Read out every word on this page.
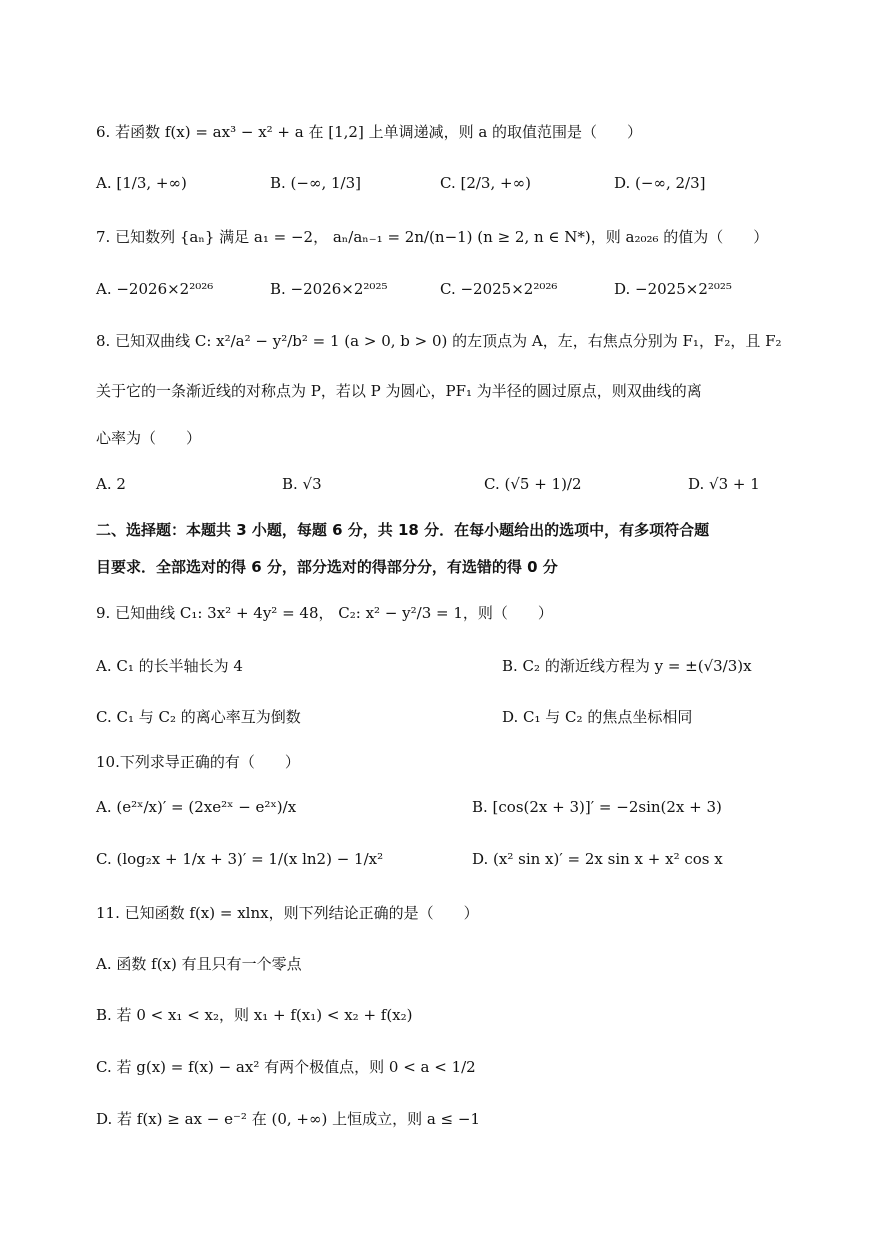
6. 若函数 f(x) = ax³ − x² + a 在 [1,2] 上单调递减，则 a 的取值范围是（　　）
A. [1/3, +∞)	B. (−∞, 1/3]	C. [2/3, +∞)	D. (−∞, 2/3]
7. 已知数列 {aₙ} 满足 a₁ = −2， aₙ/aₙ₋₁ = 2n/(n−1) (n ≥ 2, n ∈ N*)，则 a₂₀₂₆ 的值为（　　）
A. −2026×2²⁰²⁶	B. −2026×2²⁰²⁵	C. −2025×2²⁰²⁶	D. −2025×2²⁰²⁵
8. 已知双曲线 C: x²/a² − y²/b² = 1 (a > 0, b > 0) 的左顶点为 A，左，右焦点分别为 F₁，F₂，且 F₂
关于它的一条渐近线的对称点为 P，若以 P 为圆心，PF₁ 为半径的圆过原点，则双曲线的离
心率为（　　）
A. 2	B. √3	C. (√5 + 1)/2	D. √3 + 1
二、选择题：本题共 3 小题，每题 6 分，共 18 分．在每小题给出的选项中，有多项符合题
目要求．全部选对的得 6 分，部分选对的得部分分，有选错的得 0 分
9. 已知曲线 C₁: 3x² + 4y² = 48， C₂: x² − y²/3 = 1，则（　　）
A. C₁ 的长半轴长为 4	B. C₂ 的渐近线方程为 y = ±(√3/3)x
C. C₁ 与 C₂ 的离心率互为倒数	D. C₁ 与 C₂ 的焦点坐标相同
10.下列求导正确的有（　　）
A. (e²ˣ/x)′ = (2xe²ˣ − e²ˣ)/x	B. [cos(2x + 3)]′ = −2sin(2x + 3)
C. (log₂x + 1/x + 3)′ = 1/(x ln2) − 1/x²	D. (x² sin x)′ = 2x sin x + x² cos x
11. 已知函数 f(x) = xlnx，则下列结论正确的是（　　）
A. 函数 f(x) 有且只有一个零点
B. 若 0 < x₁ < x₂，则 x₁ + f(x₁) < x₂ + f(x₂)
C. 若 g(x) = f(x) − ax² 有两个极值点，则 0 < a < 1/2
D. 若 f(x) ≥ ax − e⁻² 在 (0, +∞) 上恒成立，则 a ≤ −1
